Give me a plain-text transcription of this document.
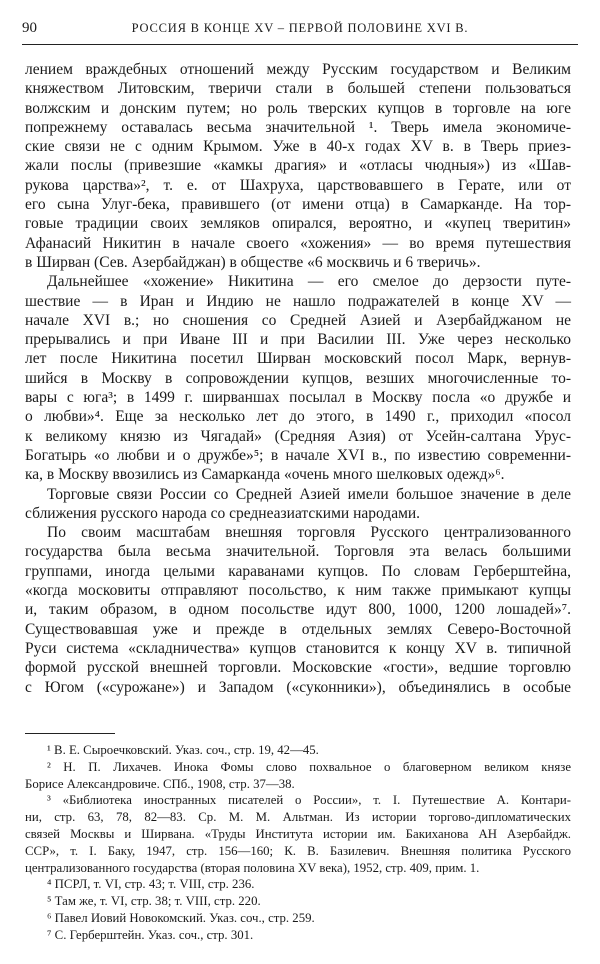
90	РОССИЯ В КОНЦЕ XV – ПЕРВОЙ ПОЛОВИНЕ XVI В.

лением враждебных отношений между Русским государством и Великим

княжеством Литовским, тверичи стали в большей степени пользоваться

волжским и донским путем; но роль тверских купцов в торговле на юге

попрежнему оставалась весьма значительной ¹. Тверь имела экономиче-

ские связи не с одним Крымом. Уже в 40-х годах XV в. в Тверь приез-

жали послы (привезшие «камкы драгия» и «отласы чюдныя») из «Шав-

рукова царства»², т. е. от Шахруха, царствовавшего в Герате, или от

его сына Улуг-бека, правившего (от имени отца) в Самарканде. На тор-

говые традиции своих земляков опирался, вероятно, и «купец тверитин»

Афанасий Никитин в начале своего «хожения» — во время путешествия

в Ширван (Сев. Азербайджан) в обществе «6 москвичь и 6 тверичь».

Дальнейшее «хожение» Никитина — его смелое до дерзости путе-

шествие — в Иран и Индию не нашло подражателей в конце XV —

начале XVI в.; но сношения со Средней Азией и Азербайджаном не

прерывались и при Иване III и при Василии III. Уже через несколько

лет после Никитина посетил Ширван московский посол Марк, вернув-

шийся в Москву в сопровождении купцов, везших многочисленные то-

вары с юга³; в 1499 г. ширваншах посылал в Москву посла «о дружбе и

о любви»⁴. Еще за несколько лет до этого, в 1490 г., приходил «посол

к великому князю из Чягадай» (Средняя Азия) от Усейн-салтана Урус-

Богатырь «о любви и о дружбе»⁵; в начале XVI в., по известию современни-

ка, в Москву ввозились из Самарканда «очень много шелковых одежд»⁶.

Торговые связи России со Средней Азией имели большое значение в деле

сближения русского народа со среднеазиатскими народами.

По своим масштабам внешняя торговля Русского централизованного

государства была весьма значительной. Торговля эта велась большими

группами, иногда целыми караванами купцов. По словам Герберштейна,

«когда московиты отправляют посольство, к ним также примыкают купцы

и, таким образом, в одном посольстве идут 800, 1000, 1200 лошадей»⁷.

Существовавшая уже и прежде в отдельных землях Северо-Восточной

Руси система «складничества» купцов становится к концу XV в. типичной

формой русской внешней торговли. Московские «гости», ведшие торговлю

с Югом («сурожане») и Западом («суконники»), объединялись в особые

¹ В. Е. Сыроечковский. Указ. соч., стр. 19, 42—45.

² Н. П. Лихачев. Инока Фомы слово похвальное о благоверном великом князе

Борисе Александровиче. СПб., 1908, стр. 37—38.

³ «Библиотека иностранных писателей о России», т. I. Путешествие А. Контари-

ни, стр. 63, 78, 82—83. Ср. М. М. Альтман. Из истории торгово-дипломатических

связей Москвы и Ширвана. «Труды Института истории им. Бакиханова АН Азербайдж.

ССР», т. I. Баку, 1947, стр. 156—160; К. В. Базилевич. Внешняя политика Русского

централизованного государства (вторая половина XV века), 1952, стр. 409, прим. 1.

⁴ ПСРЛ, т. VI, стр. 43; т. VIII, стр. 236.

⁵ Там же, т. VI, стр. 38; т. VIII, стр. 220.

⁶ Павел Иовий Новокомский. Указ. соч., стр. 259.

⁷ С. Герберштейн. Указ. соч., стр. 301.
